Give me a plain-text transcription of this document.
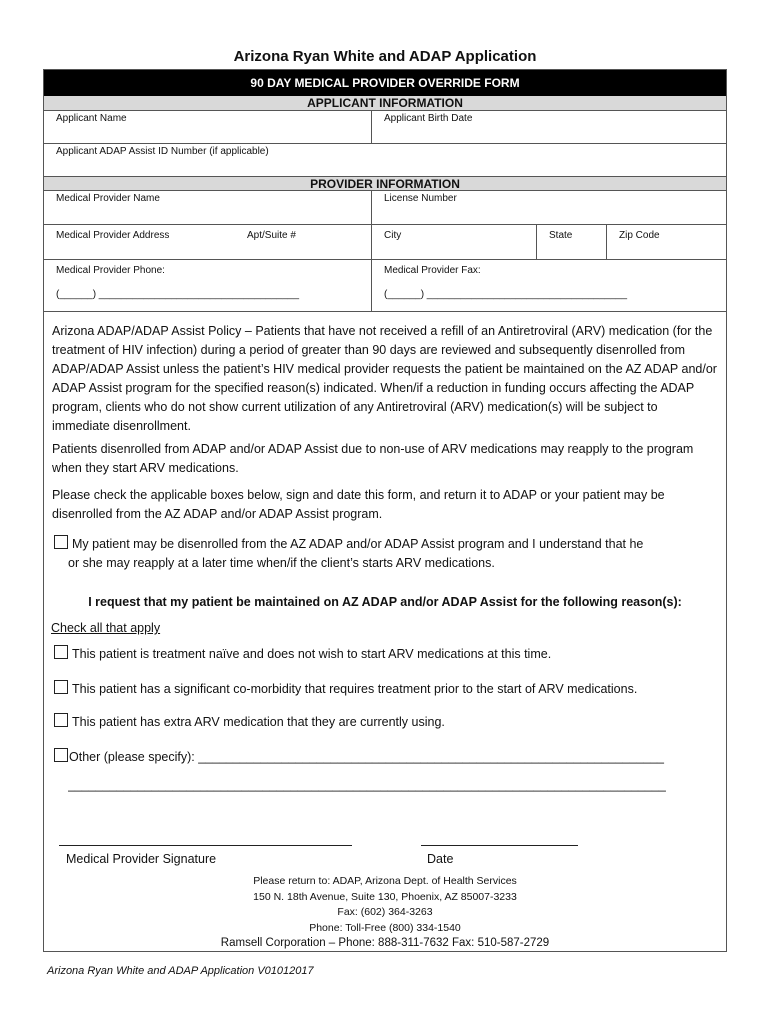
Arizona Ryan White and ADAP Application
90 DAY MEDICAL PROVIDER OVERRIDE FORM
APPLICANT INFORMATION
Applicant Name	Applicant Birth Date
Applicant ADAP Assist ID Number (if applicable)
PROVIDER INFORMATION
Medical Provider Name	License Number
Medical Provider Address	Apt/Suite #	City	State	Zip Code
Medical Provider Phone:
(______) ____________________________________
Medical Provider Fax:
(______) ____________________________________

Arizona ADAP/ADAP Assist Policy – Patients that have not received a refill of an Antiretroviral (ARV) medication (for the treatment of HIV infection) during a period of greater than 90 days are reviewed and subsequently disenrolled from ADAP/ADAP Assist unless the patient’s HIV medical provider requests the patient be maintained on the AZ ADAP and/or ADAP Assist program for the specified reason(s) indicated. When/if a reduction in funding occurs affecting the ADAP program, clients who do not show current utilization of any Antiretroviral (ARV) medication(s) will be subject to immediate disenrollment.

Patients disenrolled from ADAP and/or ADAP Assist due to non-use of ARV medications may reapply to the program when they start ARV medications.

Please check the applicable boxes below, sign and date this form, and return it to ADAP or your patient may be disenrolled from the AZ ADAP and/or ADAP Assist program.

My patient may be disenrolled from the AZ ADAP and/or ADAP Assist program and I understand that he
or she may reapply at a later time when/if the client’s starts ARV medications.
I request that my patient be maintained on AZ ADAP and/or ADAP Assist for the following reason(s):
Check all that apply
This patient is treatment naïve and does not wish to start ARV medications at this time.
This patient has a significant co-morbidity that requires treatment prior to the start of ARV medications.
This patient has extra ARV medication that they are currently using.
Other (please specify): ___________________________________________________________________
______________________________________________________________________________________
Medical Provider Signature	Date
Please return to: ADAP, Arizona Dept. of Health Services
150 N. 18th Avenue, Suite 130, Phoenix, AZ 85007-3233
Fax: (602) 364-3263
Phone: Toll-Free (800) 334-1540
Ramsell Corporation – Phone: 888-311-7632 Fax: 510-587-2729
Arizona Ryan White and ADAP Application V01012017
